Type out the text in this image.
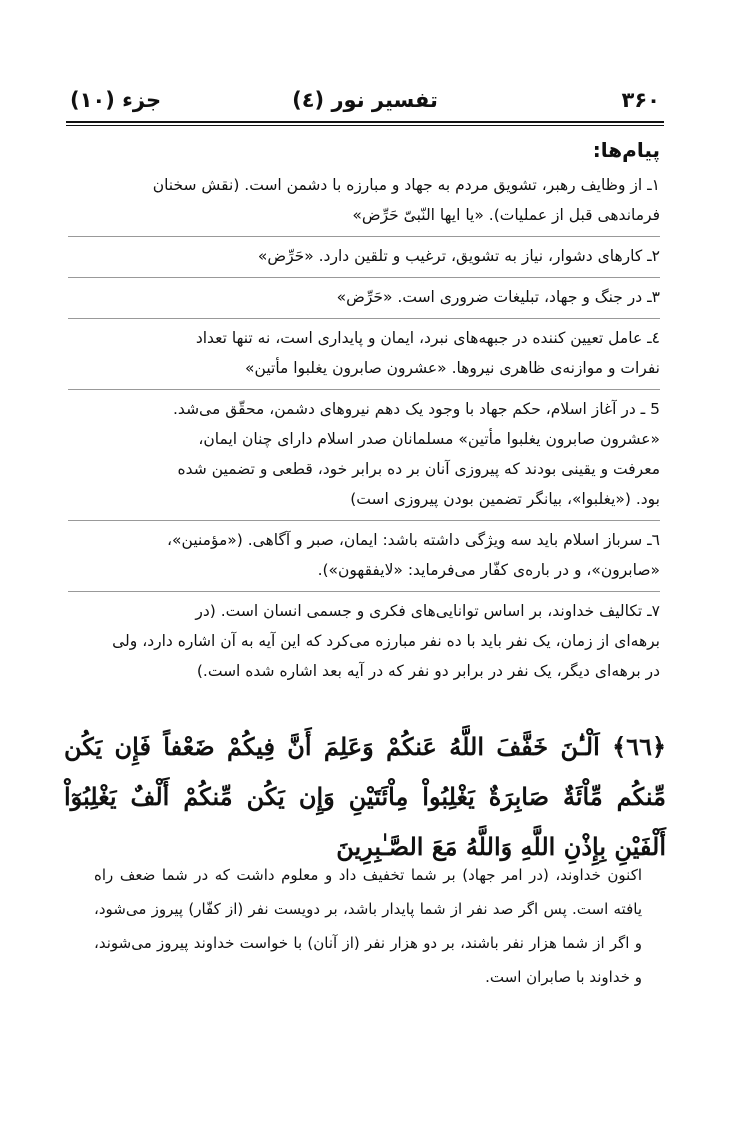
۳۶۰
تفسیر نور (٤)
جزء (۱۰)
پیام‌ها:

۱ـ از وظایف رهبر، تشویق مردم به جهاد و مبارزه با دشمن است. (نقش سخنان

فرماندهی قبل از عملیات). «یا ایها النّبیّ حَرِّض»

۲ـ کارهای دشوار، نیاز به تشویق، ترغیب و تلقین دارد. «حَرِّض»

۳ـ در جنگ و جهاد، تبلیغات ضروری است. «حَرِّض»

٤ـ عامل تعیین کننده در جبهه‌های نبرد، ایمان و پایداری است، نه تنها تعداد

نفرات و موازنه‌ی ظاهری نیروها. «عشرون صابرون یغلبوا مأتین»

5 ـ در آغاز اسلام، حکم جهاد با وجود یک دهم نیروهای دشمن، محقّق می‌شد.

«عشرون صابرون یغلبوا مأتین» مسلمانان صدر اسلام دارای چنان ایمان،

معرفت و یقینی بودند که پیروزی آنان بر ده برابر خود، قطعی و تضمین شده

بود. («یغلبوا»، بیانگر تضمین بودن پیروزی است)

٦ـ سرباز اسلام باید سه ویژگی داشته باشد: ایمان، صبر و آگاهی. («مؤمنین»،

«صابرون»، و در باره‌ی کفّار می‌فرماید: «لایفقهون»).

۷ـ تکالیف خداوند، بر اساس توانایی‌های فکری و جسمی انسان است. (در

برهه‌ای از زمان، یک نفر باید با ده نفر مبارزه می‌کرد که این آیه به آن اشاره دارد، ولی

در برهه‌ای دیگر، یک نفر در برابر دو نفر که در آیه بعد اشاره شده است.)

﴿٦٦﴾ اَلْـٰٔنَ خَفَّفَ اللَّهُ عَنكُمْ وَعَلِمَ أَنَّ فِيكُمْ ضَعْفاً فَإِن يَكُن مِّنكُم مِّاْئَةٌ صَابِرَةٌ يَغْلِبُواْ مِاْئَتَيْنِ وَإِن يَكُن مِّنكُمْ أَلْفٌ يَغْلِبُوٓاْ أَلْفَيْنِ بِإِذْنِ اللَّهِ وَاللَّهُ مَعَ الصَّـٰبِرِينَ
اکنون خداوند، (در امر جهاد) بر شما تخفیف داد و معلوم داشت که در شما ضعف راه یافته است. پس اگر صد نفر از شما پایدار باشد، بر دویست نفر (از کفّار) پیروز می‌شود، و اگر از شما هزار نفر باشند، بر دو هزار نفر (از آنان) با خواست خداوند پیروز می‌شوند، و خداوند با صابران است.
